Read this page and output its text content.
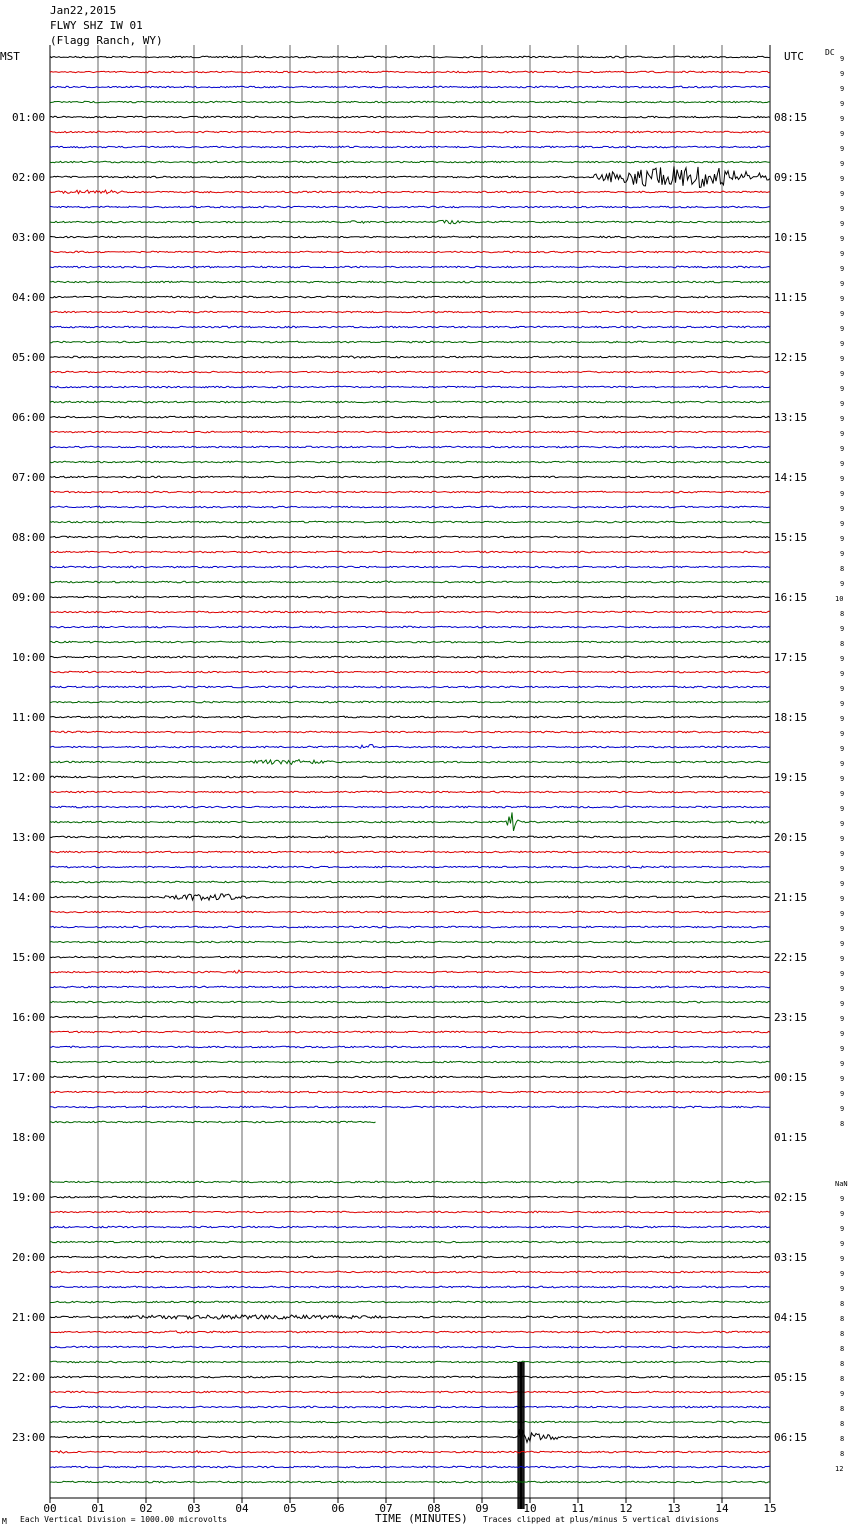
Jan22,2015
FLWY SHZ IW 01
(Flagg Ranch, WY)
MST	UTC	DC
00	01	02	03	04	05	06	07	08	09	10	11	12	13	14	15
01:00
02:00
03:00
04:00
05:00
06:00
07:00
08:00
09:00
10:00
11:00
12:00
13:00
14:00
15:00
16:00
17:00
18:00
19:00
20:00
21:00
22:00
23:00
08:15
09:15
10:15
11:15
12:15
13:15
14:15
15:15
16:15
17:15
18:15
19:15
20:15
21:15
22:15
23:15
00:15
01:15
02:15
03:15
04:15
05:15
06:15
9
9
9
9
9
9
9
9
9
9
9
9
9
9
9
9
9
9
9
9
9
9
9
9
9
9
9
9
9
9
9
9
9
9
8
9
10
8
9
8
9
9
9
9
9
9
9
9
9
9
9
9
9
9
9
9
9
9
9
9
9
9
9
9
9
9
9
9
9
9
9
8
NaN
9
9
9
9
9
9
9
8
8
8
8
8
8
9
8
8
8
8
12
M Each Vertical Division = 1000.00 microvolts	TIME (MINUTES) Traces clipped at plus/minus 5 vertical divisions
